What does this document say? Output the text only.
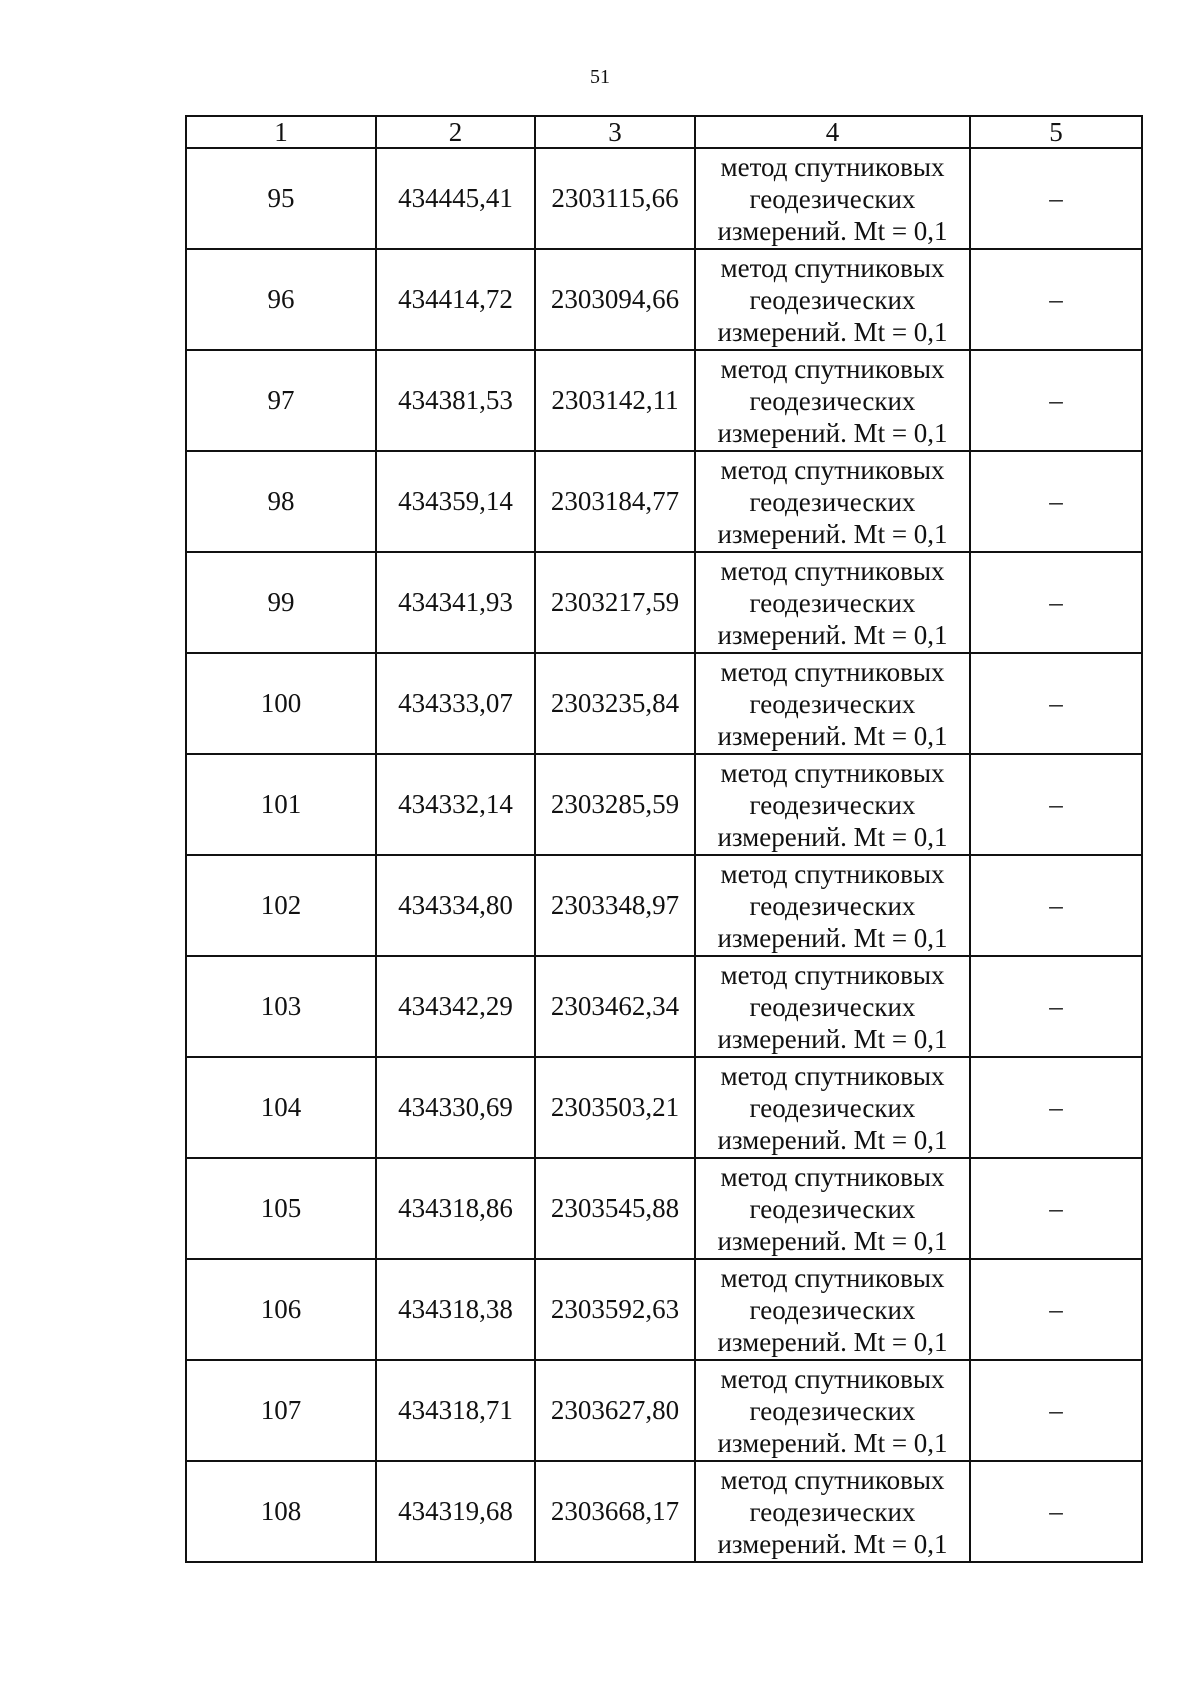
51
1	2	3	4	5
95	434445,41	2303115,66	метод спутниковых
геодезических
измерений. Mt = 0,1	–
96	434414,72	2303094,66	метод спутниковых
геодезических
измерений. Mt = 0,1	–
97	434381,53	2303142,11	метод спутниковых
геодезических
измерений. Mt = 0,1	–
98	434359,14	2303184,77	метод спутниковых
геодезических
измерений. Mt = 0,1	–
99	434341,93	2303217,59	метод спутниковых
геодезических
измерений. Mt = 0,1	–
100	434333,07	2303235,84	метод спутниковых
геодезических
измерений. Mt = 0,1	–
101	434332,14	2303285,59	метод спутниковых
геодезических
измерений. Mt = 0,1	–
102	434334,80	2303348,97	метод спутниковых
геодезических
измерений. Mt = 0,1	–
103	434342,29	2303462,34	метод спутниковых
геодезических
измерений. Mt = 0,1	–
104	434330,69	2303503,21	метод спутниковых
геодезических
измерений. Mt = 0,1	–
105	434318,86	2303545,88	метод спутниковых
геодезических
измерений. Mt = 0,1	–
106	434318,38	2303592,63	метод спутниковых
геодезических
измерений. Mt = 0,1	–
107	434318,71	2303627,80	метод спутниковых
геодезических
измерений. Mt = 0,1	–
108	434319,68	2303668,17	метод спутниковых
геодезических
измерений. Mt = 0,1	–
